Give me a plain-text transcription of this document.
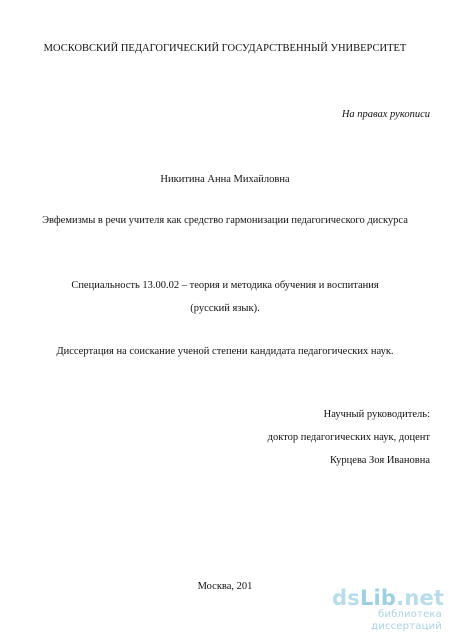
МОСКОВСКИЙ ПЕДАГОГИЧЕСКИЙ ГОСУДАРСТВЕННЫЙ УНИВЕРСИТЕТ
На правах рукописи
Никитина Анна Михайловна
Эвфемизмы в речи учителя как средство гармонизации педагогического дискурса
Специальность 13.00.02 – теория и методика обучения и воспитания
(русский язык).
Диссертация на соискание ученой степени кандидата педагогических наук.
Научный руководитель:
доктор педагогических наук, доцент
Курцева Зоя Ивановна
Москва, 201	dsLib.net
библиотека диссертаций
